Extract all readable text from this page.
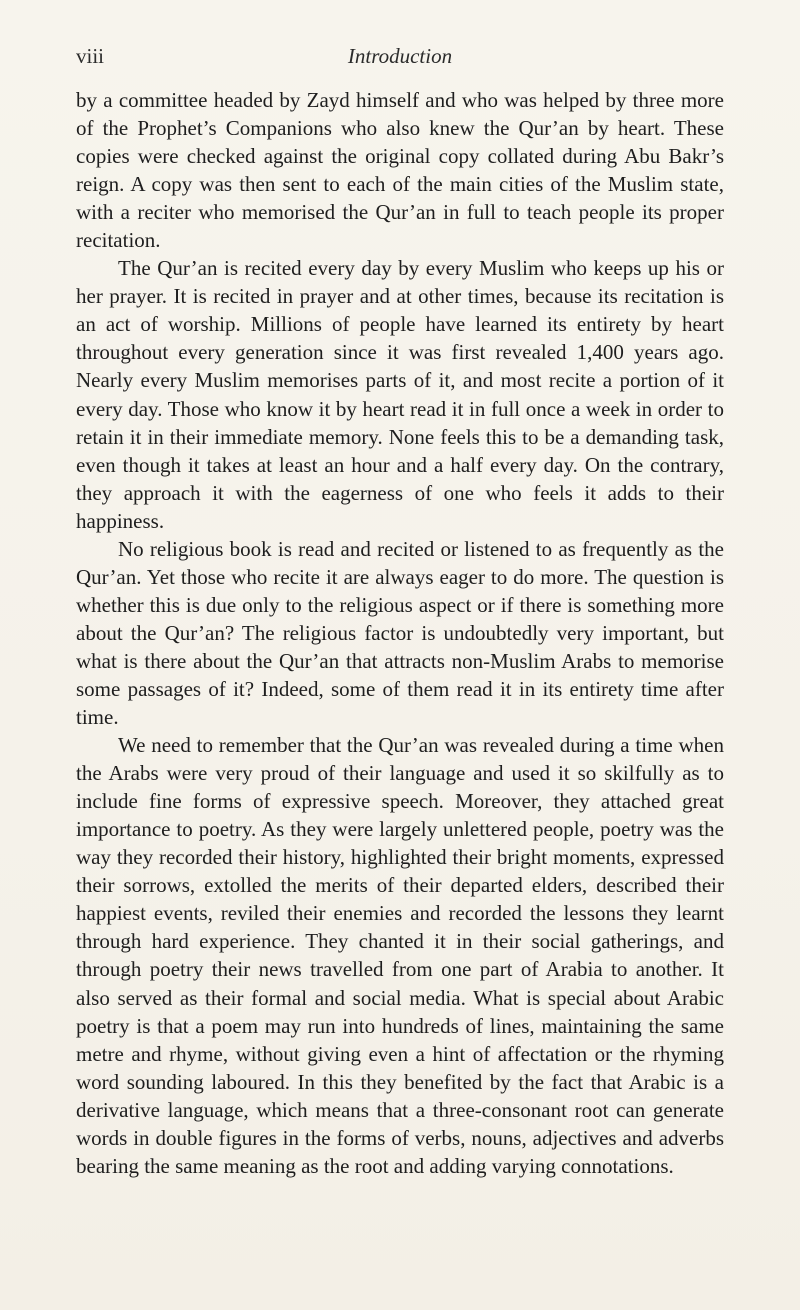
viii	Introduction

by a committee headed by Zayd himself and who was helped by three more of the Prophet’s Companions who also knew the Qur’an by heart. These copies were checked against the original copy collated during Abu Bakr’s reign. A copy was then sent to each of the main cities of the Muslim state, with a reciter who memorised the Qur’an in full to teach people its proper recitation.

The Qur’an is recited every day by every Muslim who keeps up his or her prayer. It is recited in prayer and at other times, because its recitation is an act of worship. Millions of people have learned its entirety by heart throughout every generation since it was first revealed 1,400 years ago. Nearly every Muslim memorises parts of it, and most recite a portion of it every day. Those who know it by heart read it in full once a week in order to retain it in their immediate memory. None feels this to be a demanding task, even though it takes at least an hour and a half every day. On the contrary, they approach it with the eagerness of one who feels it adds to their happiness.

No religious book is read and recited or listened to as frequently as the Qur’an. Yet those who recite it are always eager to do more. The question is whether this is due only to the religious aspect or if there is something more about the Qur’an? The religious factor is undoubtedly very important, but what is there about the Qur’an that attracts non-Muslim Arabs to memorise some passages of it? Indeed, some of them read it in its entirety time after time.

We need to remember that the Qur’an was revealed during a time when the Arabs were very proud of their language and used it so skilfully as to include fine forms of expressive speech. Moreover, they attached great importance to poetry. As they were largely unlettered people, poetry was the way they recorded their history, highlighted their bright moments, expressed their sorrows, extolled the merits of their departed elders, described their happiest events, reviled their enemies and recorded the lessons they learnt through hard experience. They chanted it in their social gatherings, and through poetry their news travelled from one part of Arabia to another. It also served as their formal and social media. What is special about Arabic poetry is that a poem may run into hundreds of lines, maintaining the same metre and rhyme, without giving even a hint of affectation or the rhyming word sounding laboured. In this they benefited by the fact that Arabic is a derivative language, which means that a three-consonant root can generate words in double figures in the forms of verbs, nouns, adjectives and adverbs bearing the same meaning as the root and adding varying connotations.
